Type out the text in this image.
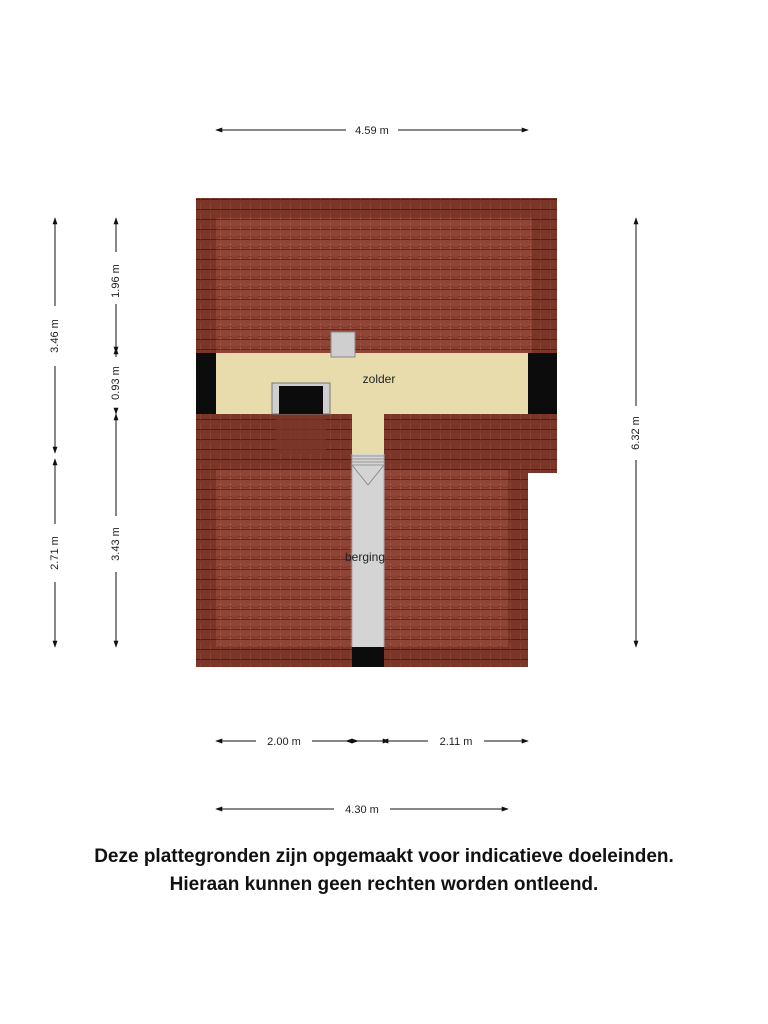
zolder
berging
4.59 m
6.32 m
3.46 m
2.71 m
1.96 m
0.93 m
3.43 m
2.00 m	2.11 m
4.30 m

Deze plattegronden zijn opgemaakt voor indicatieve doeleinden.

Hieraan kunnen geen rechten worden ontleend.
